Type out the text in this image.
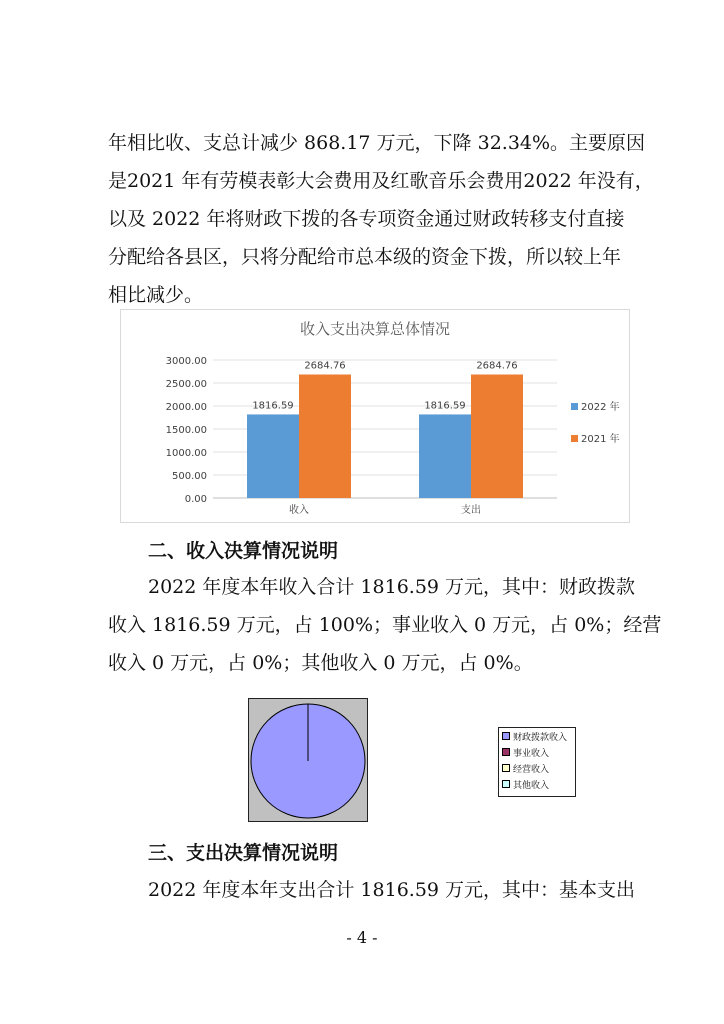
年相比收、支总计减少 868.17 万元，下降 32.34%。主要原因
是2021 年有劳模表彰大会费用及红歌音乐会费用2022 年没有，
以及 2022 年将财政下拨的各专项资金通过财政转移支付直接
分配给各县区，只将分配给市总本级的资金下拨，所以较上年
相比减少。
收入支出决算总体情况
0.00
500.00
1000.00
1500.00
2000.00
2500.00
3000.00
1816.59
2684.76
收入
1816.59
2684.76
支出
2022 年
2021 年
二、收入决算情况说明
2022 年度本年收入合计 1816.59 万元，其中：财政拨款
收入 1816.59 万元，占 100%；事业收入 0 万元，占 0%；经营
收入 0 万元，占 0%；其他收入 0 万元，占 0%。
财政拨款收入
事业收入
经营收入
其他收入
三、支出决算情况说明
2022 年度本年支出合计 1816.59 万元，其中：基本支出
- 4 -
